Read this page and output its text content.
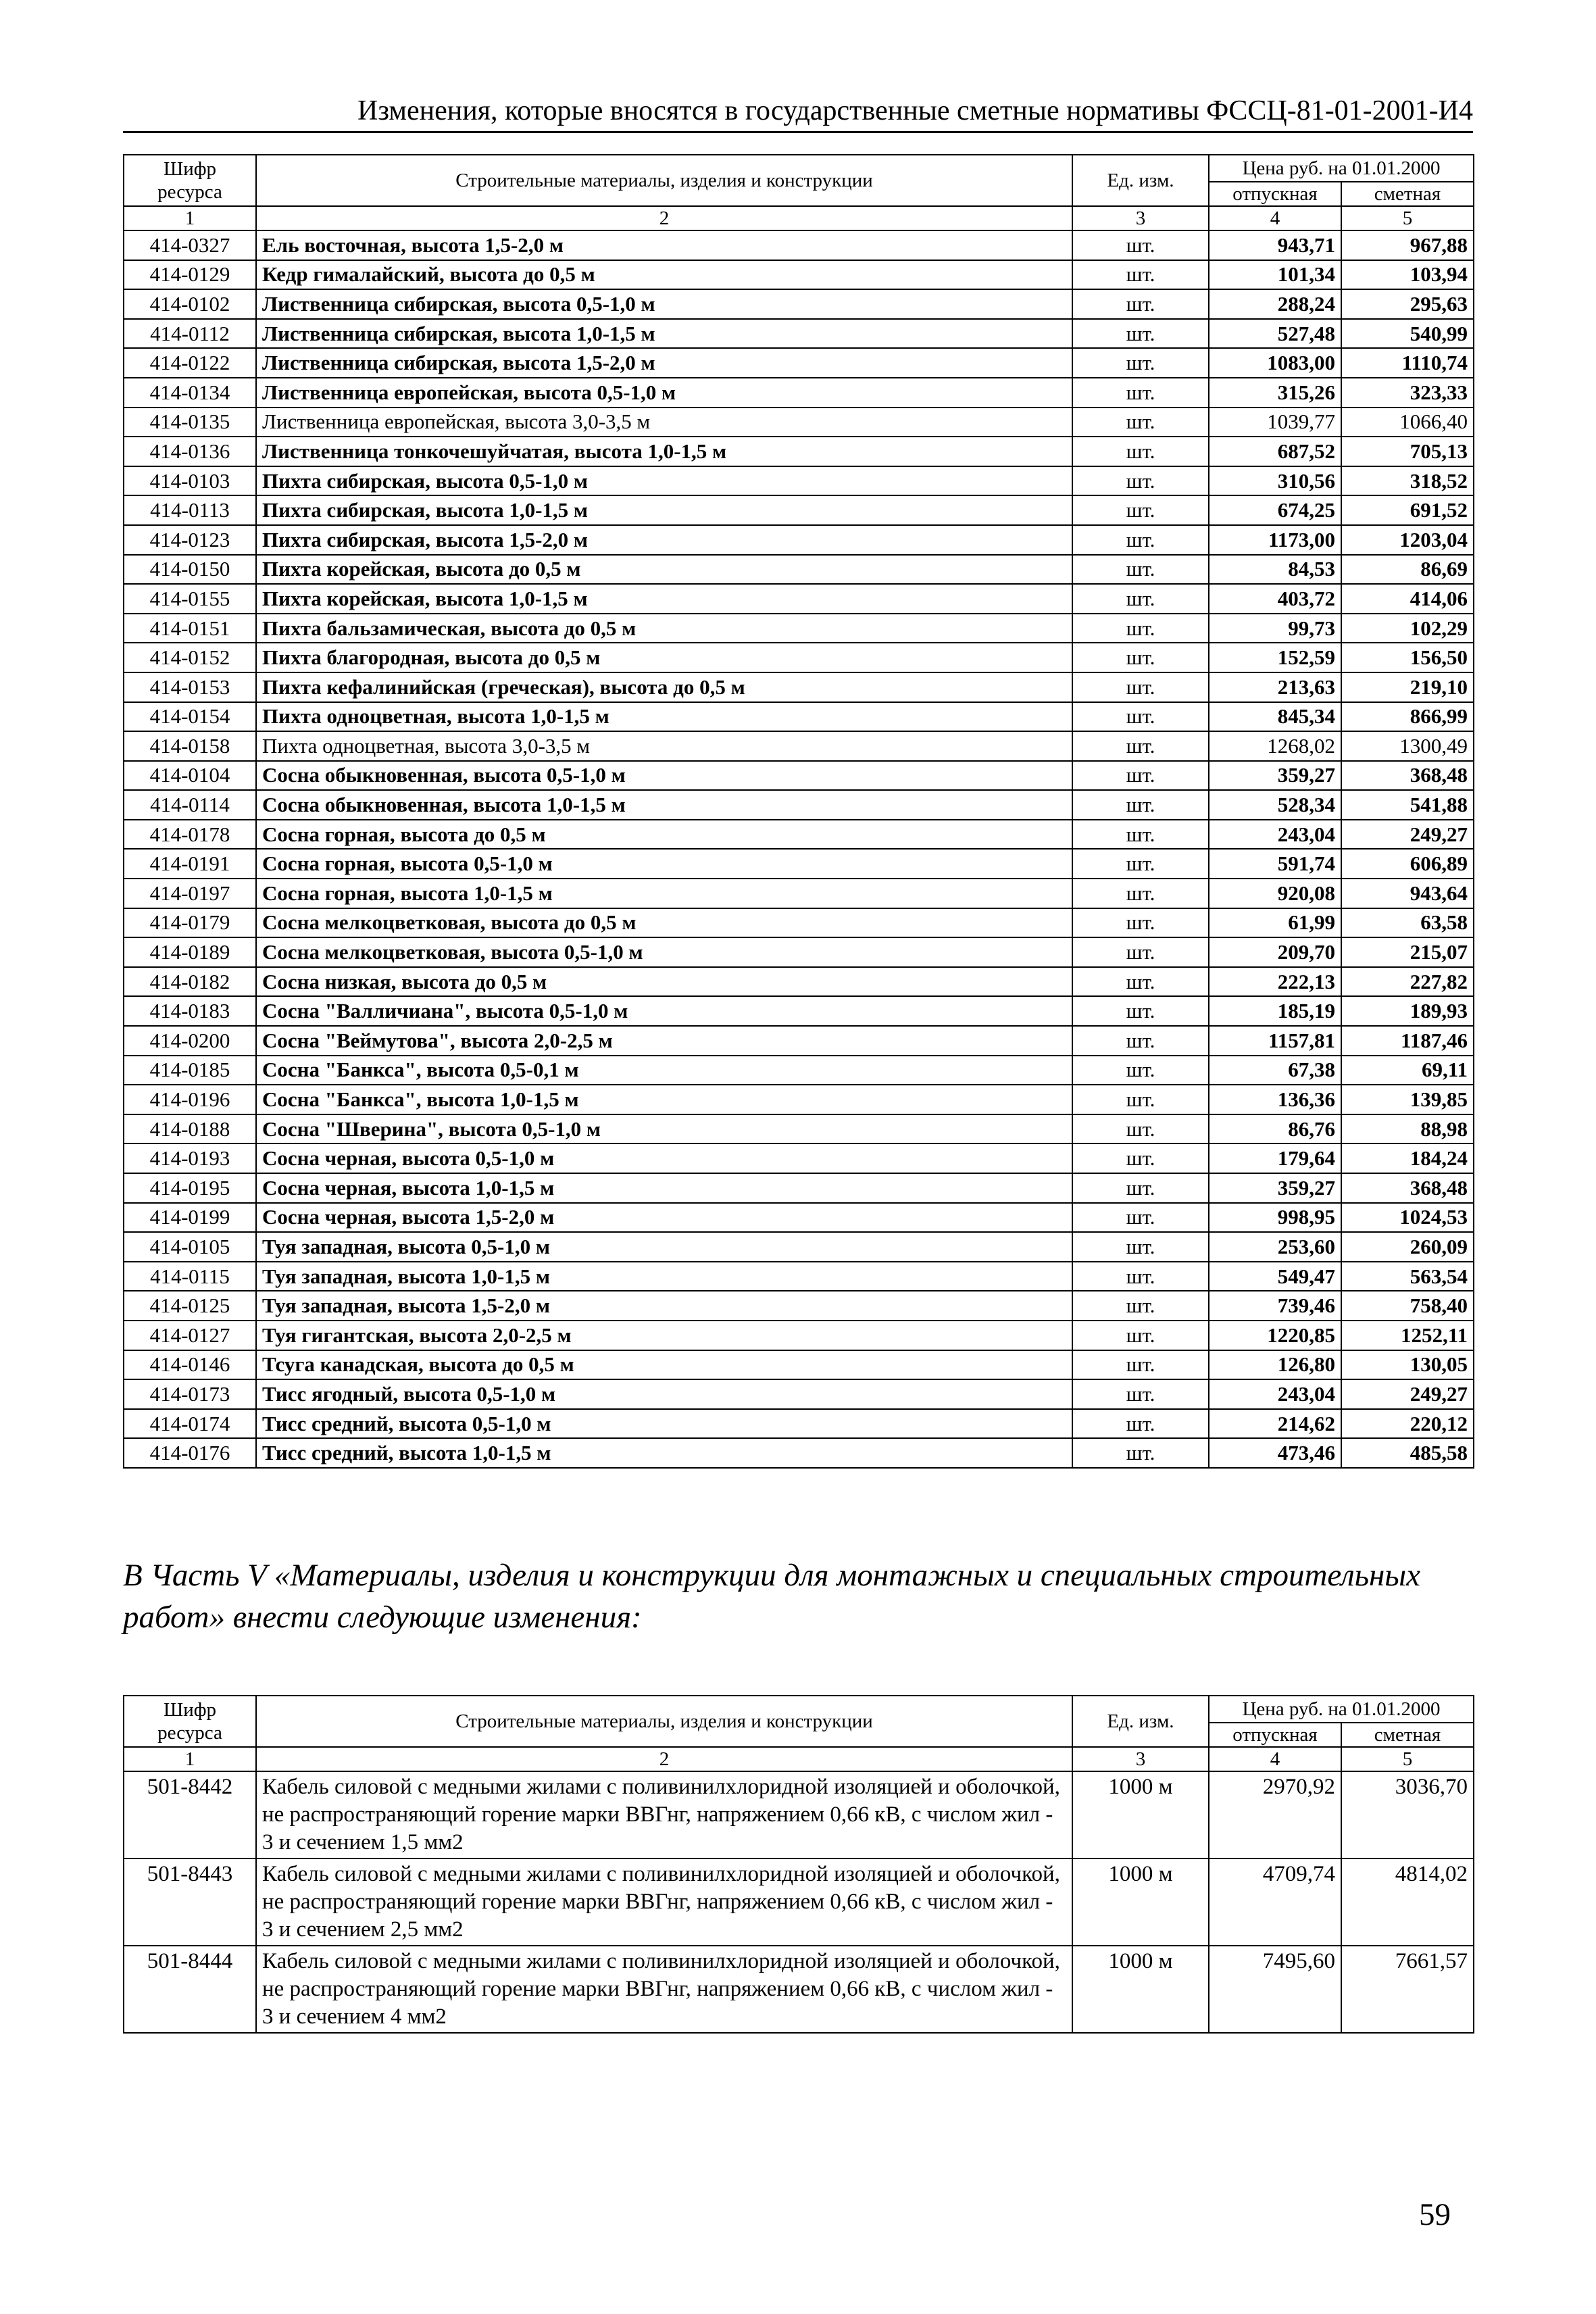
Изменения, которые вносятся в государственные сметные нормативы ФССЦ-81-01-2001-И4
Шифр ресурса	Строительные материалы, изделия и конструкции	Ед. изм.	Цена руб. на 01.01.2000	
			отпускная	сметная
1	2	3	4	5
414-0327	Ель восточная, высота 1,5-2,0 м	шт.	943,71	967,88
414-0129	Кедр гималайский, высота до 0,5 м	шт.	101,34	103,94
414-0102	Лиственница сибирская, высота 0,5-1,0 м	шт.	288,24	295,63
414-0112	Лиственница сибирская, высота 1,0-1,5 м	шт.	527,48	540,99
414-0122	Лиственница сибирская, высота 1,5-2,0 м	шт.	1083,00	1110,74
414-0134	Лиственница европейская, высота 0,5-1,0 м	шт.	315,26	323,33
414-0135	Лиственница европейская, высота 3,0-3,5 м	шт.	1039,77	1066,40
414-0136	Лиственница тонкочешуйчатая, высота 1,0-1,5 м	шт.	687,52	705,13
414-0103	Пихта сибирская, высота 0,5-1,0 м	шт.	310,56	318,52
414-0113	Пихта сибирская, высота 1,0-1,5 м	шт.	674,25	691,52
414-0123	Пихта сибирская, высота 1,5-2,0 м	шт.	1173,00	1203,04
414-0150	Пихта корейская, высота до 0,5 м	шт.	84,53	86,69
414-0155	Пихта корейская, высота 1,0-1,5 м	шт.	403,72	414,06
414-0151	Пихта бальзамическая, высота до 0,5 м	шт.	99,73	102,29
414-0152	Пихта благородная, высота до 0,5 м	шт.	152,59	156,50
414-0153	Пихта кефалинийская (греческая), высота до 0,5 м	шт.	213,63	219,10
414-0154	Пихта одноцветная, высота 1,0-1,5 м	шт.	845,34	866,99
414-0158	Пихта одноцветная, высота 3,0-3,5 м	шт.	1268,02	1300,49
414-0104	Сосна обыкновенная, высота 0,5-1,0 м	шт.	359,27	368,48
414-0114	Сосна обыкновенная, высота 1,0-1,5 м	шт.	528,34	541,88
414-0178	Сосна горная, высота до 0,5 м	шт.	243,04	249,27
414-0191	Сосна горная, высота 0,5-1,0 м	шт.	591,74	606,89
414-0197	Сосна горная, высота 1,0-1,5 м	шт.	920,08	943,64
414-0179	Сосна мелкоцветковая, высота до 0,5 м	шт.	61,99	63,58
414-0189	Сосна мелкоцветковая, высота 0,5-1,0 м	шт.	209,70	215,07
414-0182	Сосна низкая, высота до 0,5 м	шт.	222,13	227,82
414-0183	Сосна "Валличиана", высота 0,5-1,0 м	шт.	185,19	189,93
414-0200	Сосна "Веймутова", высота 2,0-2,5 м	шт.	1157,81	1187,46
414-0185	Сосна "Банкса", высота 0,5-0,1 м	шт.	67,38	69,11
414-0196	Сосна "Банкса", высота 1,0-1,5 м	шт.	136,36	139,85
414-0188	Сосна "Шверина", высота 0,5-1,0 м	шт.	86,76	88,98
414-0193	Сосна черная, высота 0,5-1,0 м	шт.	179,64	184,24
414-0195	Сосна черная, высота 1,0-1,5 м	шт.	359,27	368,48
414-0199	Сосна черная, высота 1,5-2,0 м	шт.	998,95	1024,53
414-0105	Туя западная, высота 0,5-1,0 м	шт.	253,60	260,09
414-0115	Туя западная, высота 1,0-1,5 м	шт.	549,47	563,54
414-0125	Туя западная, высота 1,5-2,0 м	шт.	739,46	758,40
414-0127	Туя гигантская, высота 2,0-2,5 м	шт.	1220,85	1252,11
414-0146	Тсуга канадская, высота до 0,5 м	шт.	126,80	130,05
414-0173	Тисс ягодный, высота 0,5-1,0 м	шт.	243,04	249,27
414-0174	Тисс средний, высота 0,5-1,0 м	шт.	214,62	220,12
414-0176	Тисс средний, высота 1,0-1,5 м	шт.	473,46	485,58
В Часть V «Материалы, изделия и конструкции для монтажных и специальных строительных работ» внести следующие изменения:
Шифр ресурса	Строительные материалы, изделия и конструкции	Ед. изм.	Цена руб. на 01.01.2000	
			отпускная	сметная
1	2	3	4	5
501-8442	Кабель силовой с медными жилами с поливинилхлоридной изоляцией и оболочкой, не распространяющий горение марки ВВГнг, напряжением 0,66 кВ, с числом жил - 3 и сечением 1,5 мм2	1000 м	2970,92	3036,70
501-8443	Кабель силовой с медными жилами с поливинилхлоридной изоляцией и оболочкой, не распространяющий горение марки ВВГнг, напряжением 0,66 кВ, с числом жил - 3 и сечением 2,5 мм2	1000 м	4709,74	4814,02
501-8444	Кабель силовой с медными жилами с поливинилхлоридной изоляцией и оболочкой, не распространяющий горение марки ВВГнг, напряжением 0,66 кВ, с числом жил - 3 и сечением 4 мм2	1000 м	7495,60	7661,57
59
